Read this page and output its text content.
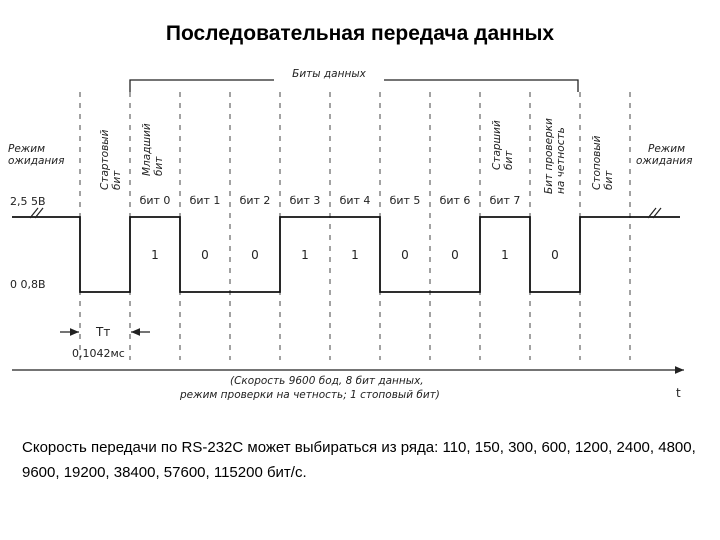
Последовательная передача данных
Биты данных
2,5 5В
0 0,8В
Режим
ожидания
Режим
ожидания
Стартовый бит
Младший бит	Старший бит	Бит проверки на четность Стоповый бит
бит 0 бит 1 бит 2 бит 3 бит 4 бит 5 бит 6 бит 7
1	0	0	1	1	0	0	1	0
Tт
0,1042мс
t
(Скорость 9600 бод, 8 бит данных,
режим проверки на четность; 1 стоповый бит)
Скорость передачи по RS-232С может выбираться из ряда: 110, 150, 300, 600, 1200, 2400, 4800, 9600, 19200, 38400, 57600, 115200 бит/с.
